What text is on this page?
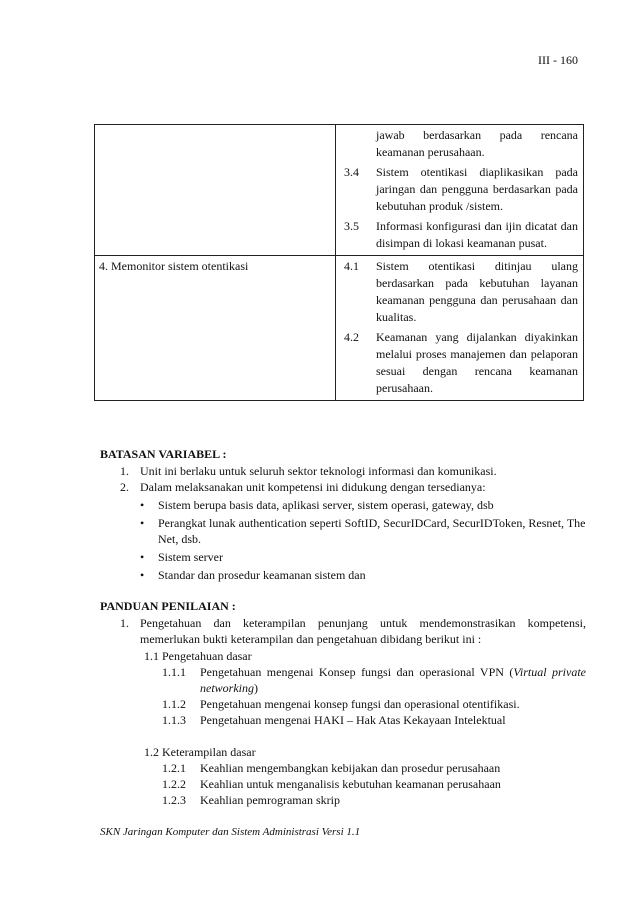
III - 160

	jawab berdasarkan pada rencana keamanan perusahaan.
3.4 Sistem otentikasi diaplikasikan pada jaringan dan pengguna berdasarkan pada kebutuhan produk /sistem.
3.5 Informasi konfigurasi dan ijin dicatat dan disimpan di lokasi keamanan pusat.

4. Memonitor sistem otentikasi	4.1 Sistem otentikasi ditinjau ulang berdasarkan pada kebutuhan layanan keamanan pengguna dan perusahaan dan kualitas.
4.2 Keamanan yang dijalankan diyakinkan melalui proses manajemen dan pelaporan sesuai dengan rencana keamanan perusahaan.
BATASAN VARIABEL :
1. Unit ini berlaku untuk seluruh sektor teknologi informasi dan komunikasi.
2. Dalam melaksanakan unit kompetensi ini didukung dengan tersedianya:
•	Sistem berupa basis data, aplikasi server, sistem operasi, gateway, dsb
•	Perangkat lunak authentication seperti SoftID, SecurIDCard, SecurIDToken, Resnet, The Net, dsb.
•	Sistem server
•	Standar dan prosedur keamanan sistem dan
PANDUAN PENILAIAN :
1. Pengetahuan dan keterampilan penunjang untuk mendemonstrasikan kompetensi, memerlukan bukti keterampilan dan pengetahuan dibidang berikut ini :
1.1 Pengetahuan dasar
1.1.1	Pengetahuan mengenai Konsep fungsi dan operasional VPN (Virtual private networking)
1.1.2	Pengetahuan mengenai konsep fungsi dan operasional otentifikasi.
1.1.3	Pengetahuan mengenai HAKI – Hak Atas Kekayaan Intelektual
1.2 Keterampilan dasar
1.2.1	Keahlian mengembangkan kebijakan dan prosedur perusahaan
1.2.2	Keahlian untuk menganalisis kebutuhan keamanan perusahaan
1.2.3	Keahlian pemrograman skrip
SKN Jaringan Komputer dan Sistem Administrasi Versi 1.1
